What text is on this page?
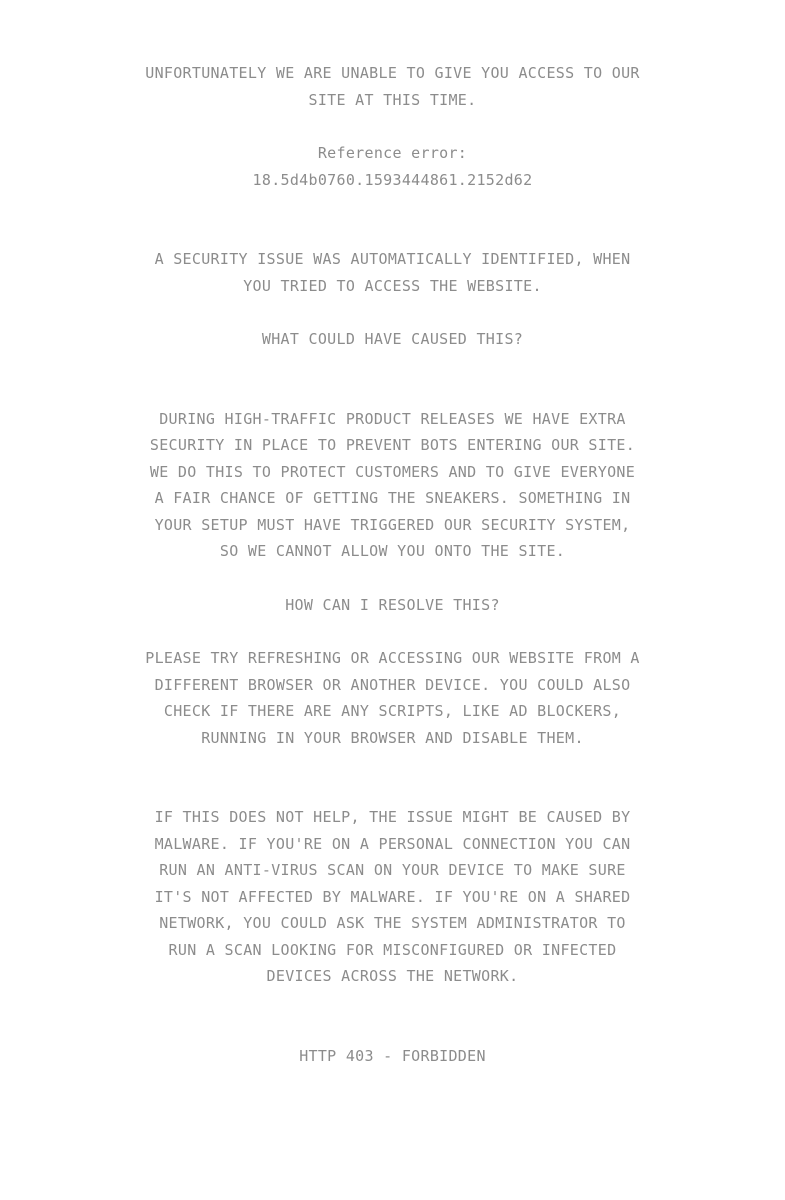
UNFORTUNATELY WE ARE UNABLE TO GIVE YOU ACCESS TO OUR SITE AT THIS TIME.
Reference error:
18.5d4b0760.1593444861.2152d62
A SECURITY ISSUE WAS AUTOMATICALLY IDENTIFIED, WHEN YOU TRIED TO ACCESS THE WEBSITE.
WHAT COULD HAVE CAUSED THIS?
DURING HIGH-TRAFFIC PRODUCT RELEASES WE HAVE EXTRA SECURITY IN PLACE TO PREVENT BOTS ENTERING OUR SITE. WE DO THIS TO PROTECT CUSTOMERS AND TO GIVE EVERYONE A FAIR CHANCE OF GETTING THE SNEAKERS. SOMETHING IN YOUR SETUP MUST HAVE TRIGGERED OUR SECURITY SYSTEM, SO WE CANNOT ALLOW YOU ONTO THE SITE.
HOW CAN I RESOLVE THIS?
PLEASE TRY REFRESHING OR ACCESSING OUR WEBSITE FROM A DIFFERENT BROWSER OR ANOTHER DEVICE. YOU COULD ALSO CHECK IF THERE ARE ANY SCRIPTS, LIKE AD BLOCKERS, RUNNING IN YOUR BROWSER AND DISABLE THEM.
IF THIS DOES NOT HELP, THE ISSUE MIGHT BE CAUSED BY MALWARE. IF YOU'RE ON A PERSONAL CONNECTION YOU CAN RUN AN ANTI-VIRUS SCAN ON YOUR DEVICE TO MAKE SURE IT'S NOT AFFECTED BY MALWARE. IF YOU'RE ON A SHARED NETWORK, YOU COULD ASK THE SYSTEM ADMINISTRATOR TO RUN A SCAN LOOKING FOR MISCONFIGURED OR INFECTED DEVICES ACROSS THE NETWORK.
HTTP 403 - FORBIDDEN
